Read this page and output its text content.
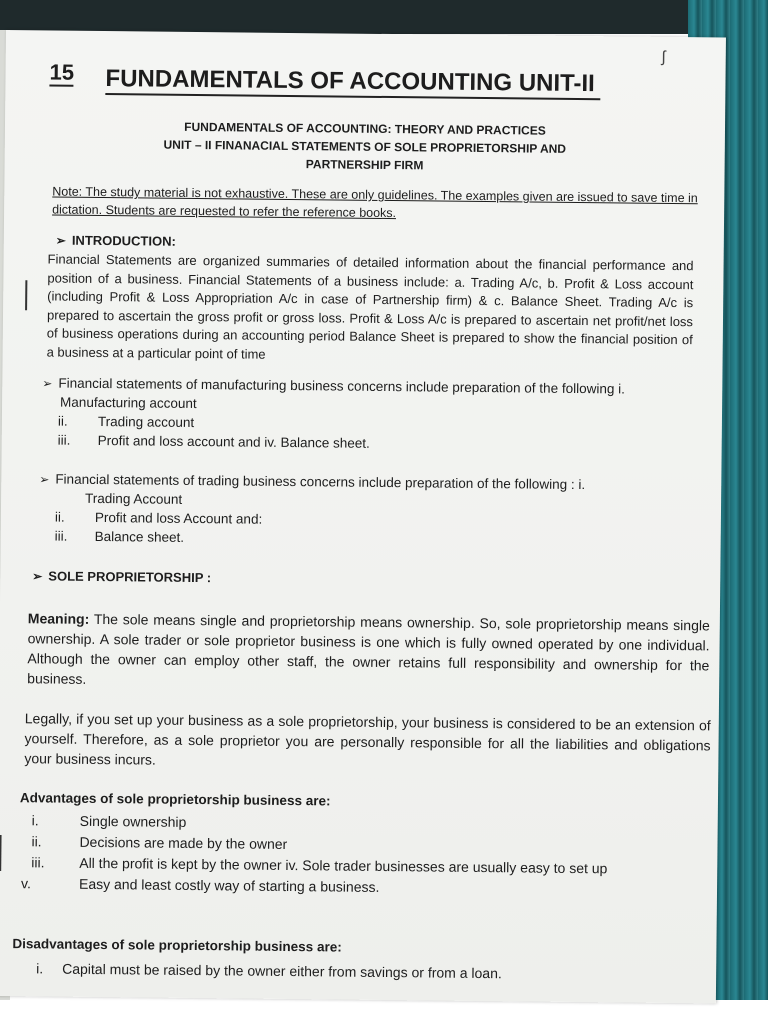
ʃ
15 FUNDAMENTALS OF ACCOUNTING UNIT-II
FUNDAMENTALS OF ACCOUNTING: THEORY AND PRACTICES
UNIT – II FINANACIAL STATEMENTS OF SOLE PROPRIETORSHIP AND
PARTNERSHIP FIRM
Note: The study material is not exhaustive. These are only guidelines. The examples given are issued to save time in dictation. Students are requested to refer the reference books.
➢ INTRODUCTION:
Financial Statements are organized summaries of detailed information about the financial performance and position of a business. Financial Statements of a business include: a. Trading A/c, b. Profit & Loss account (including Profit & Loss Appropriation A/c in case of Partnership firm) & c. Balance Sheet. Trading A/c is prepared to ascertain the gross profit or gross loss. Profit & Loss A/c is prepared to ascertain net profit/net loss of business operations during an accounting period Balance Sheet is prepared to show the financial position of a business at a particular point of time
➢ Financial statements of manufacturing business concerns include preparation of the following i.
Manufacturing account
ii. Trading account
iii. Profit and loss account and iv. Balance sheet.
➢ Financial statements of trading business concerns include preparation of the following : i.
Trading Account
ii. Profit and loss Account and:
iii. Balance sheet.
➢ SOLE PROPRIETORSHIP :
Meaning: The sole means single and proprietorship means ownership. So, sole proprietorship means single ownership. A sole trader or sole proprietor business is one which is fully owned operated by one individual. Although the owner can employ other staff, the owner retains full responsibility and ownership for the business.
Legally, if you set up your business as a sole proprietorship, your business is considered to be an extension of yourself. Therefore, as a sole proprietor you are personally responsible for all the liabilities and obligations your business incurs.
Advantages of sole proprietorship business are:
i.	Single ownership
ii.	Decisions are made by the owner
iii. All the profit is kept by the owner iv. Sole trader businesses are usually easy to set up
v.	Easy and least costly way of starting a business.
Disadvantages of sole proprietorship business are:
i. Capital must be raised by the owner either from savings or from a loan.
